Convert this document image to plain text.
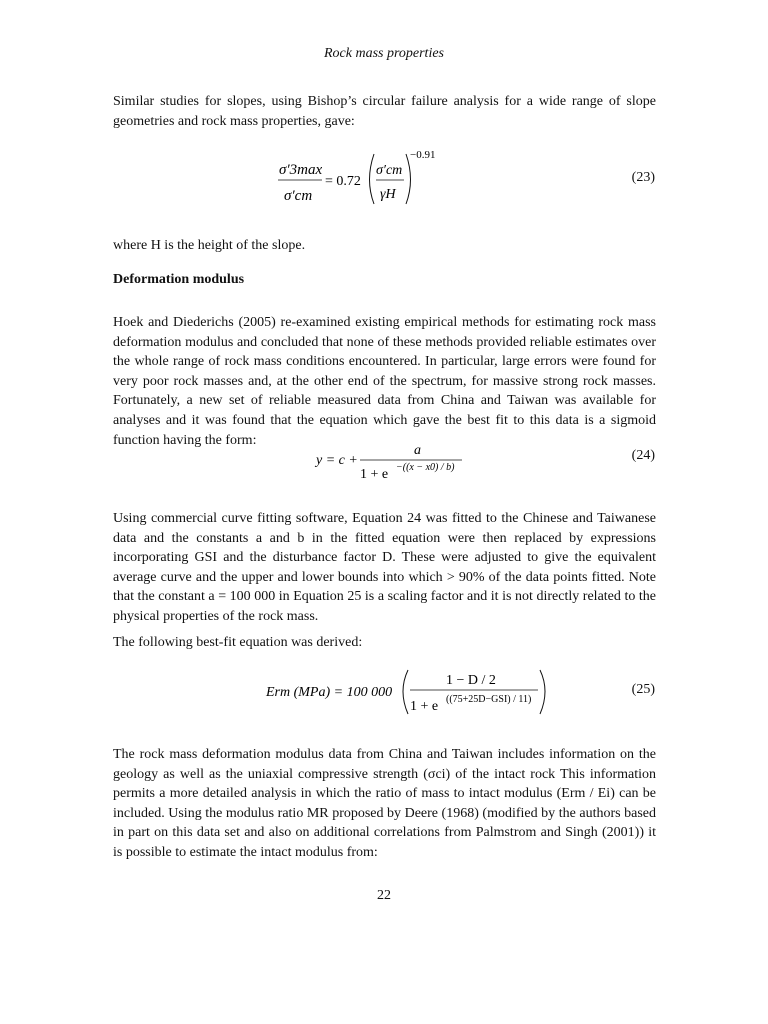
Rock mass properties
Similar studies for slopes, using Bishop’s circular failure analysis for a wide range of slope geometries and rock mass properties, gave:
σ′3max
σ′cm
= 0.72
σ′cm
γH
−0.91
(23)
where H is the height of the slope.
Deformation modulus
Hoek and Diederichs (2005) re-examined existing empirical methods for estimating rock mass deformation modulus and concluded that none of these methods provided reliable estimates over the whole range of rock mass conditions encountered. In particular, large errors were found for very poor rock masses and, at the other end of the spectrum, for massive strong rock masses. Fortunately, a new set of reliable measured data from China and Taiwan was available for analyses and it was found that the equation which gave the best fit to this data is a sigmoid function having the form:
y = c +
a
1 + e −((x − x0) / b)
(24)
Using commercial curve fitting software, Equation 24 was fitted to the Chinese and Taiwanese data and the constants a and b in the fitted equation were then replaced by expressions incorporating GSI and the disturbance factor D. These were adjusted to give the equivalent average curve and the upper and lower bounds into which > 90% of the data points fitted. Note that the constant a = 100 000 in Equation 25 is a scaling factor and it is not directly related to the physical properties of the rock mass.
The following best-fit equation was derived:
Erm (MPa) = 100 000
1 − D / 2
1 + e ((75+25D−GSI) / 11)
(25)
The rock mass deformation modulus data from China and Taiwan includes information on the geology as well as the uniaxial compressive strength (σci) of the intact rock This information permits a more detailed analysis in which the ratio of mass to intact modulus (Erm / Ei) can be included. Using the modulus ratio MR proposed by Deere (1968) (modified by the authors based in part on this data set and also on additional correlations from Palmstrom and Singh (2001)) it is possible to estimate the intact modulus from:
22
